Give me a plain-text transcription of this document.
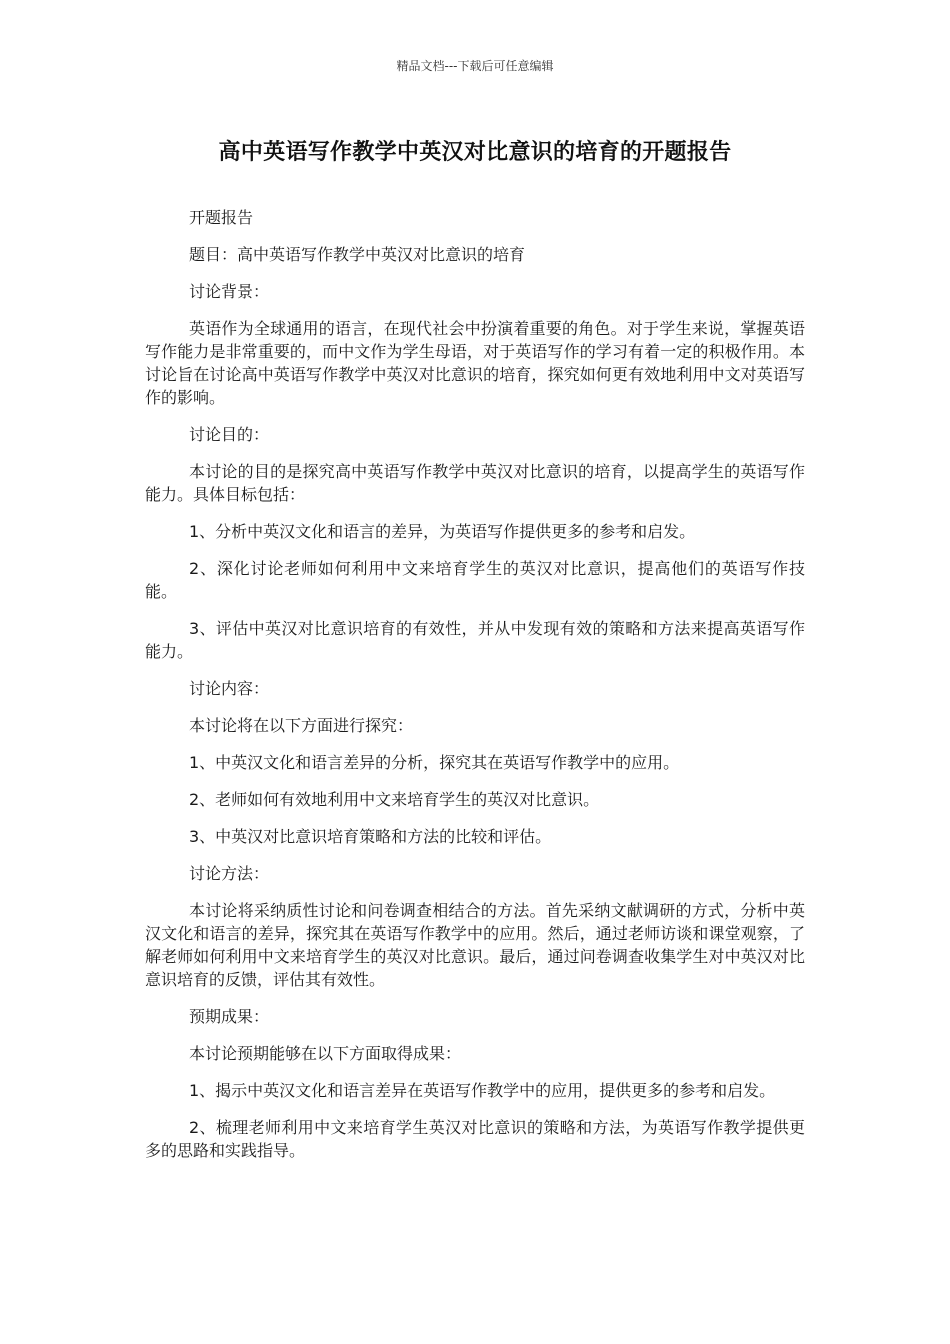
精品文档---下载后可任意编辑
高中英语写作教学中英汉对比意识的培育的开题报告

开题报告

题目：高中英语写作教学中英汉对比意识的培育

讨论背景：

英语作为全球通用的语言，在现代社会中扮演着重要的角色。对于学生来说，掌握英语写作能力是非常重要的，而中文作为学生母语，对于英语写作的学习有着一定的积极作用。本讨论旨在讨论高中英语写作教学中英汉对比意识的培育，探究如何更有效地利用中文对英语写作的影响。

讨论目的：

本讨论的目的是探究高中英语写作教学中英汉对比意识的培育，以提高学生的英语写作能力。具体目标包括：

1、分析中英汉文化和语言的差异，为英语写作提供更多的参考和启发。

2、深化讨论老师如何利用中文来培育学生的英汉对比意识，提高他们的英语写作技能。

3、评估中英汉对比意识培育的有效性，并从中发现有效的策略和方法来提高英语写作能力。

讨论内容：

本讨论将在以下方面进行探究：

1、中英汉文化和语言差异的分析，探究其在英语写作教学中的应用。

2、老师如何有效地利用中文来培育学生的英汉对比意识。

3、中英汉对比意识培育策略和方法的比较和评估。

讨论方法：

本讨论将采纳质性讨论和问卷调查相结合的方法。首先采纳文献调研的方式，分析中英汉文化和语言的差异，探究其在英语写作教学中的应用。然后，通过老师访谈和课堂观察，了解老师如何利用中文来培育学生的英汉对比意识。最后，通过问卷调查收集学生对中英汉对比意识培育的反馈，评估其有效性。

预期成果：

本讨论预期能够在以下方面取得成果：

1、揭示中英汉文化和语言差异在英语写作教学中的应用，提供更多的参考和启发。

2、梳理老师利用中文来培育学生英汉对比意识的策略和方法，为英语写作教学提供更多的思路和实践指导。
